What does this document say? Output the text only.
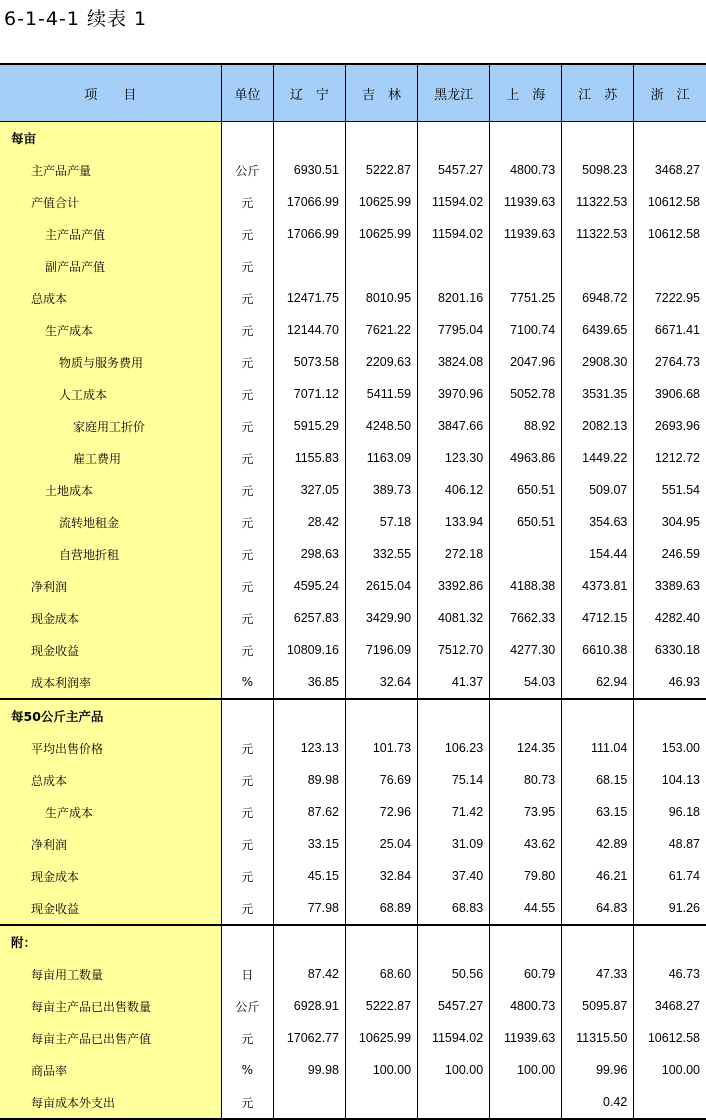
6-1-4-1 续表 1
项　　目	单位	辽　宁	吉　林	黑龙江	上　海	江　苏	浙　江
每亩							
主产品产量	公斤	6930.51	5222.87	5457.27	4800.73	5098.23	3468.27
产值合计	元	17066.99	10625.99	11594.02	11939.63	11322.53	10612.58
主产品产值	元	17066.99	10625.99	11594.02	11939.63	11322.53	10612.58
副产品产值	元						
总成本	元	12471.75	8010.95	8201.16	7751.25	6948.72	7222.95
生产成本	元	12144.70	7621.22	7795.04	7100.74	6439.65	6671.41
物质与服务费用	元	5073.58	2209.63	3824.08	2047.96	2908.30	2764.73
人工成本	元	7071.12	5411.59	3970.96	5052.78	3531.35	3906.68
家庭用工折价	元	5915.29	4248.50	3847.66	88.92	2082.13	2693.96
雇工费用	元	1155.83	1163.09	123.30	4963.86	1449.22	1212.72
土地成本	元	327.05	389.73	406.12	650.51	509.07	551.54
流转地租金	元	28.42	57.18	133.94	650.51	354.63	304.95
自营地折租	元	298.63	332.55	272.18		154.44	246.59
净利润	元	4595.24	2615.04	3392.86	4188.38	4373.81	3389.63
现金成本	元	6257.83	3429.90	4081.32	7662.33	4712.15	4282.40
现金收益	元	10809.16	7196.09	7512.70	4277.30	6610.38	6330.18
成本利润率	%	36.85	32.64	41.37	54.03	62.94	46.93
每50公斤主产品							
平均出售价格	元	123.13	101.73	106.23	124.35	111.04	153.00
总成本	元	89.98	76.69	75.14	80.73	68.15	104.13
生产成本	元	87.62	72.96	71.42	73.95	63.15	96.18
净利润	元	33.15	25.04	31.09	43.62	42.89	48.87
现金成本	元	45.15	32.84	37.40	79.80	46.21	61.74
现金收益	元	77.98	68.89	68.83	44.55	64.83	91.26
附：							
每亩用工数量	日	87.42	68.60	50.56	60.79	47.33	46.73
每亩主产品已出售数量	公斤	6928.91	5222.87	5457.27	4800.73	5095.87	3468.27
每亩主产品已出售产值	元	17062.77	10625.99	11594.02	11939.63	11315.50	10612.58
商品率	%	99.98	100.00	100.00	100.00	99.96	100.00
每亩成本外支出	元					0.42	
